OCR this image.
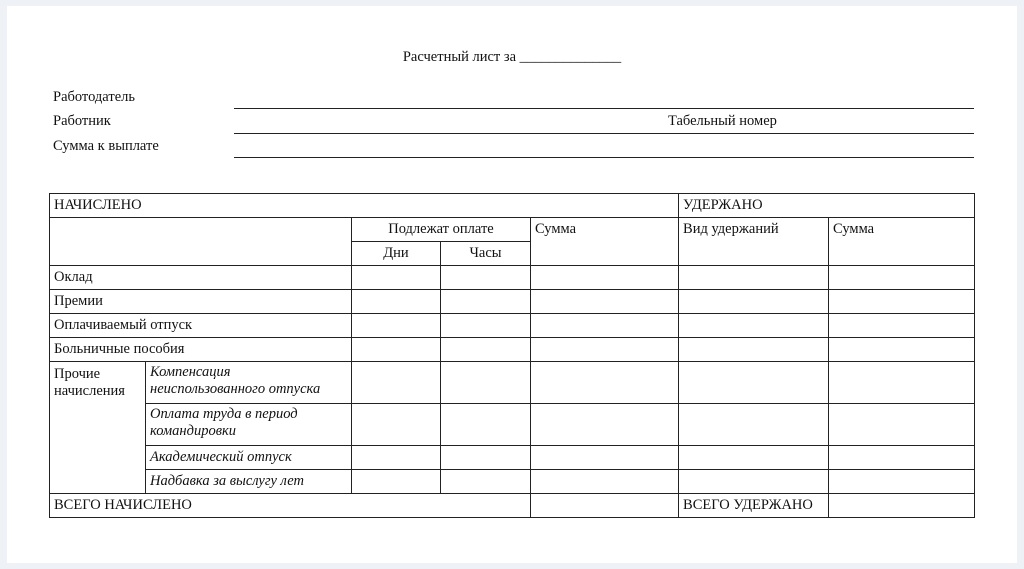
Расчетный лист за ______________
Работодатель
Работник	Табельный номер
Сумма к выплате
НАЧИСЛЕНО					УДЕРЖАНО	
		Подлежат оплате		Сумма	Вид удержаний	Сумма
		Дни	Часы			
Оклад						
Премии						
Оплачиваемый отпуск						
Больничные пособия						
Прочие начисления	Компенсация неиспользованного отпуска					
	Оплата труда в период командировки					
	Академический отпуск					
	Надбавка за выслугу лет					
ВСЕГО НАЧИСЛЕНО					ВСЕГО УДЕРЖАНО	
